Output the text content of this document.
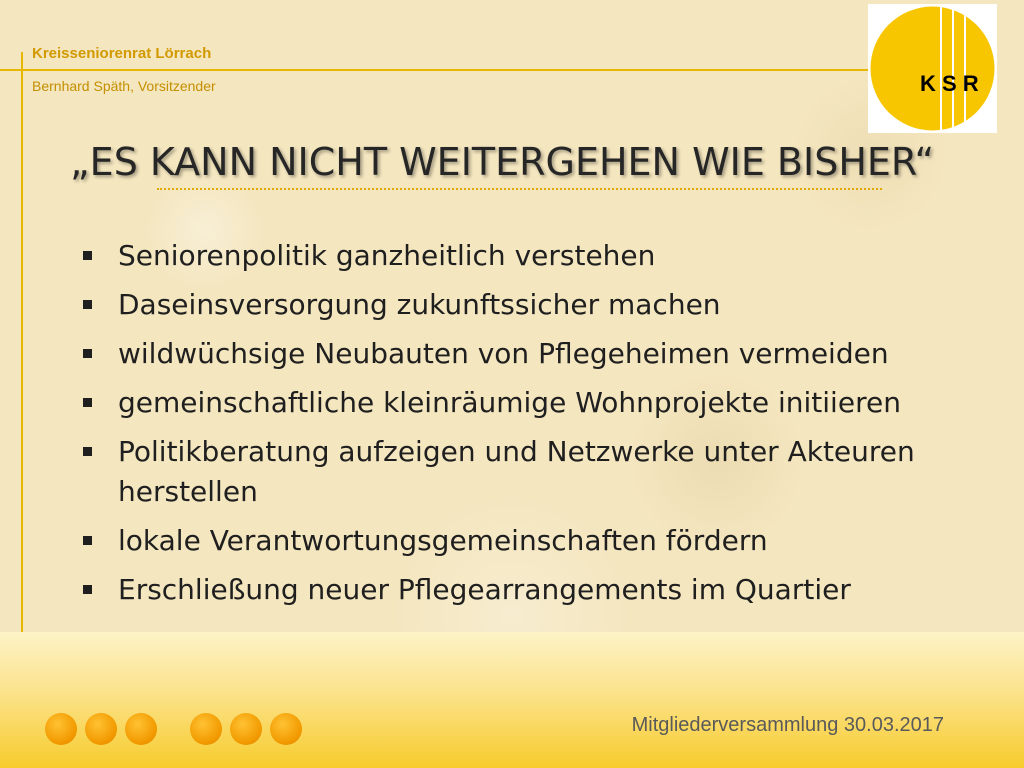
Kreisseniorenrat Lörrach
Bernhard Späth, Vorsitzender	K S R
„ES KANN NICHT WEITERGEHEN WIE BISHER“
Seniorenpolitik ganzheitlich verstehen
Daseinsversorgung zukunftssicher machen
wildwüchsige Neubauten von Pflegeheimen vermeiden
gemeinschaftliche kleinräumige Wohnprojekte initiieren
Politikberatung aufzeigen und Netzwerke unter Akteuren herstellen
lokale Verantwortungsgemeinschaften fördern
Erschließung neuer Pflegearrangements im Quartier
Mitgliederversammlung 30.03.2017
